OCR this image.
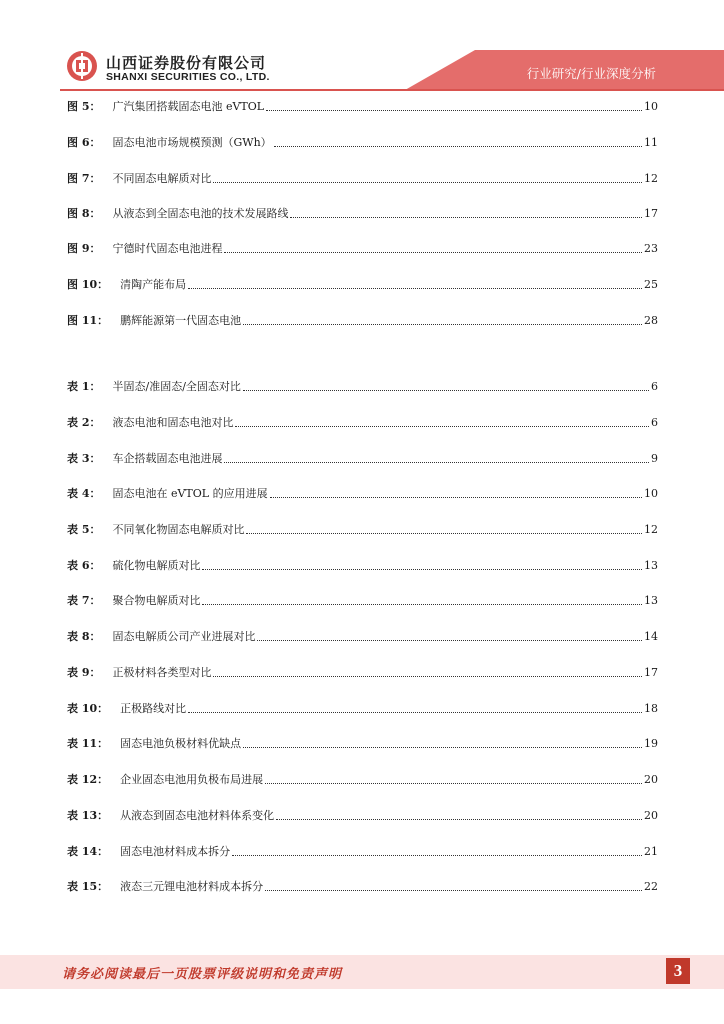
山西证券股份有限公司
SHANXI SECURITIES CO., LTD.	行业研究/行业深度分析
图 5： 广汽集团搭载固态电池 eVTOL	10
图 6： 固态电池市场规模预测（GWh）	11
图 7： 不同固态电解质对比	12
图 8： 从液态到全固态电池的技术发展路线	17
图 9： 宁德时代固态电池进程	23
图 10： 清陶产能布局	25
图 11： 鹏辉能源第一代固态电池	28
表 1： 半固态/准固态/全固态对比	6
表 2： 液态电池和固态电池对比	6
表 3： 车企搭载固态电池进展	9
表 4： 固态电池在 eVTOL 的应用进展	10
表 5： 不同氧化物固态电解质对比	12
表 6： 硫化物电解质对比	13
表 7： 聚合物电解质对比	13
表 8： 固态电解质公司产业进展对比	14
表 9： 正极材料各类型对比	17
表 10： 正极路线对比	18
表 11： 固态电池负极材料优缺点	19
表 12： 企业固态电池用负极布局进展	20
表 13： 从液态到固态电池材料体系变化	20
表 14： 固态电池材料成本拆分	21
表 15： 液态三元锂电池材料成本拆分	22
请务必阅读最后一页股票评级说明和免责声明	3
